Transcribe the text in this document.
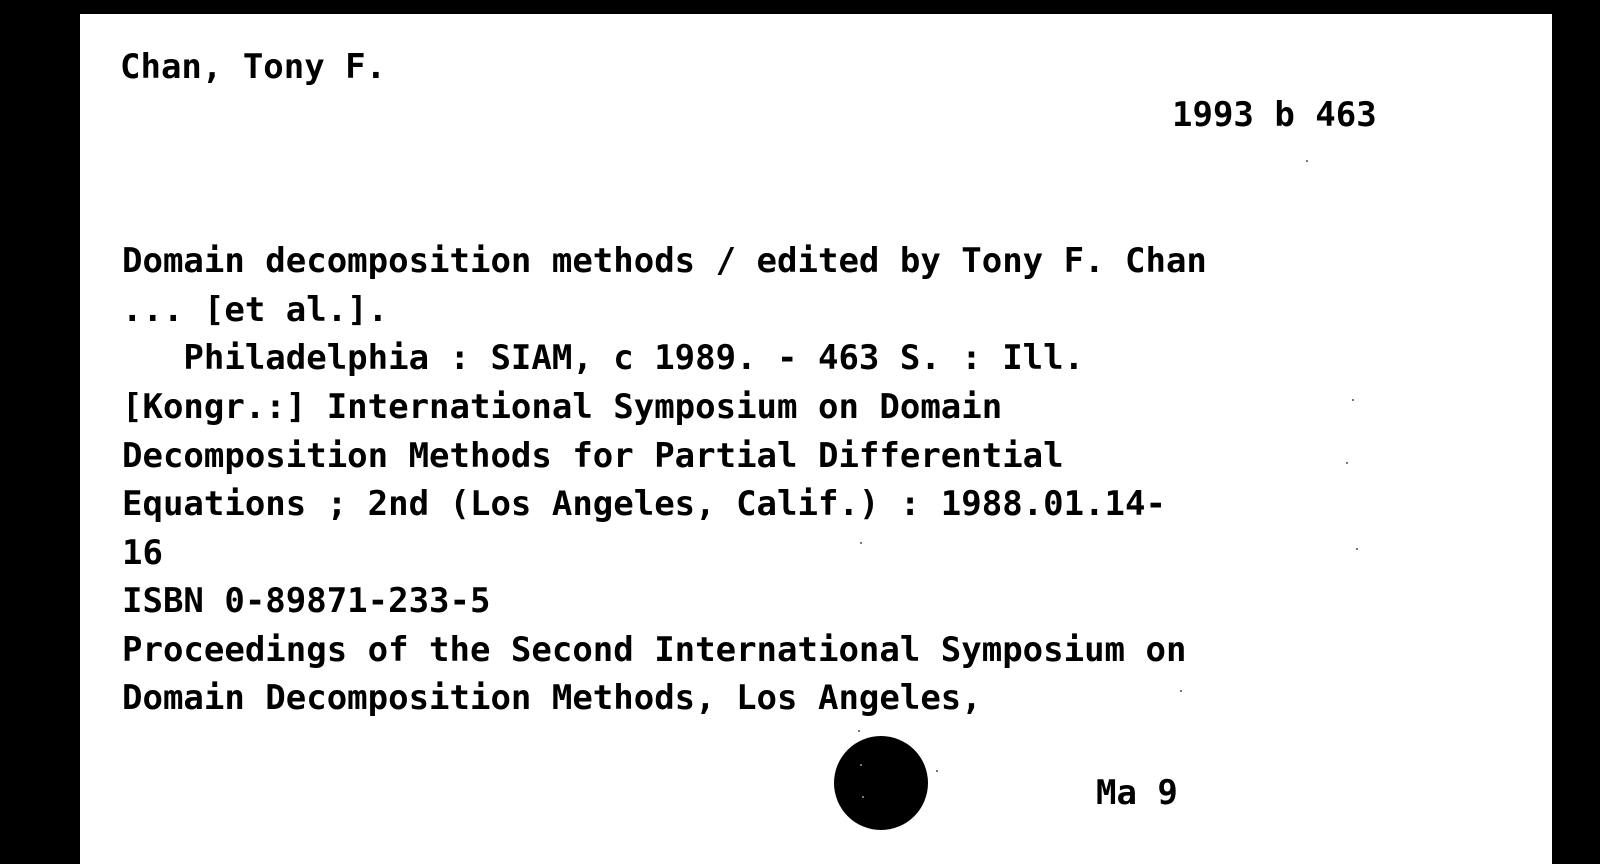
Chan, Tony F.
1993 b 463
Domain decomposition methods / edited by Tony F. Chan
... [et al.].
Philadelphia : SIAM, c 1989. - 463 S. : Ill.
[Kongr.:] International Symposium on Domain
Decomposition Methods for Partial Differential
Equations ; 2nd (Los Angeles, Calif.) : 1988.01.14-
16
ISBN 0-89871-233-5
Proceedings of the Second International Symposium on
Domain Decomposition Methods, Los Angeles,
Ma 9
